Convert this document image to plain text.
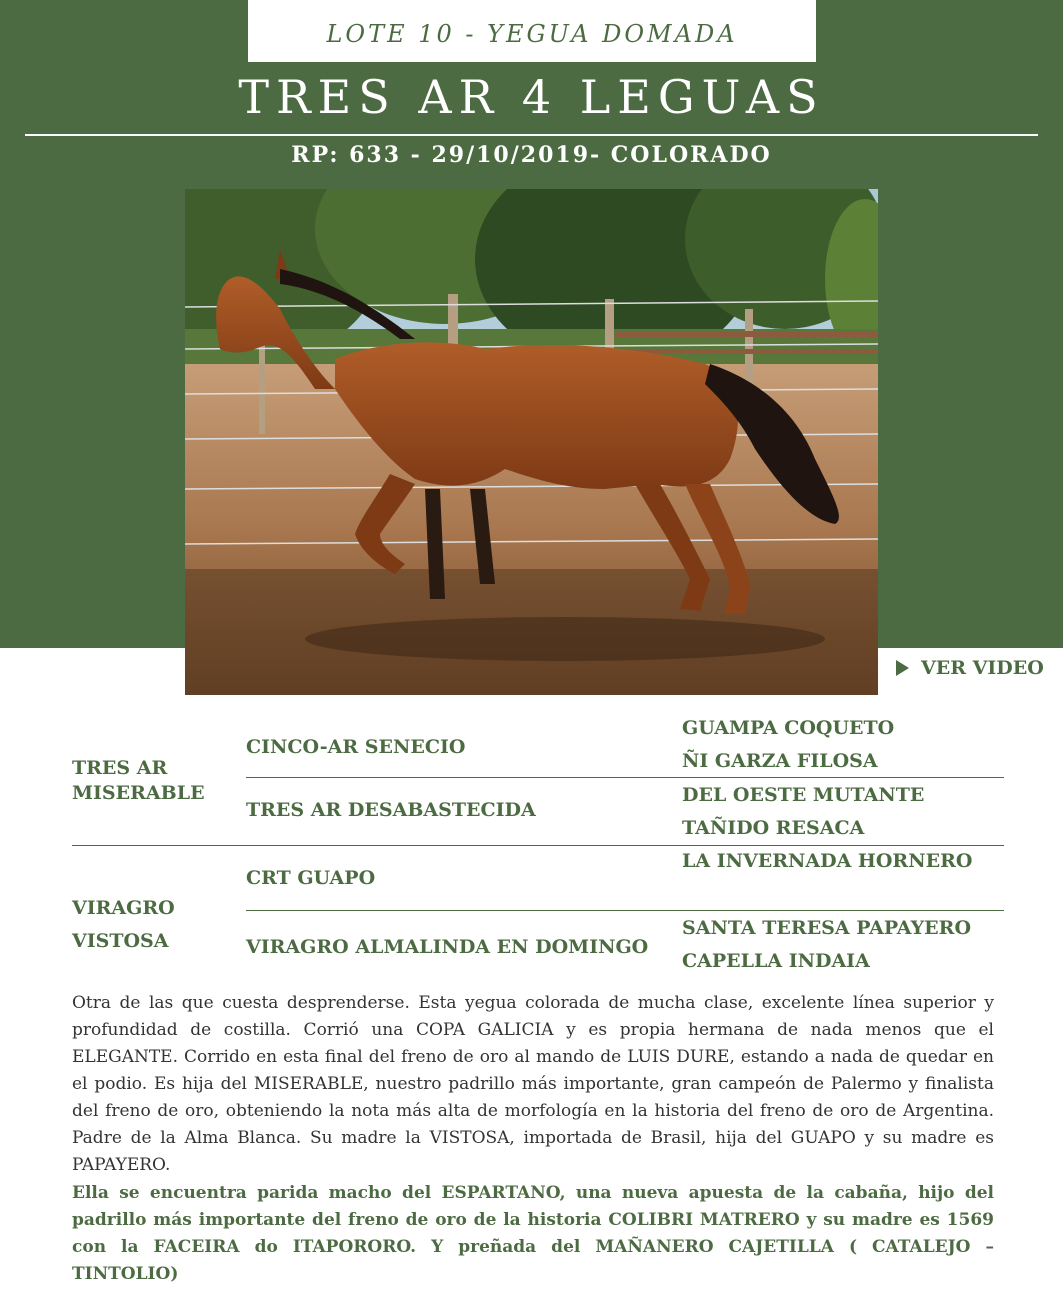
LOTE 10 - YEGUA DOMADA
TRES AR 4 LEGUAS
RP: 633 - 29/10/2019- COLORADO
VER VIDEO
TRES AR MISERABLE
VIRAGRO
VISTOSA
CINCO-AR SENECIO
TRES AR DESABASTECIDA
CRT GUAPO
VIRAGRO ALMALINDA EN DOMINGO
GUAMPA COQUETO
ÑI GARZA FILOSA
DEL OESTE MUTANTE
TAÑIDO RESACA
LA INVERNADA HORNERO
SANTA TERESA PAPAYERO
CAPELLA INDAIA
Otra de las que cuesta desprenderse. Esta yegua colorada de mucha clase, excelente línea superior y profundidad de costilla. Corrió una COPA GALICIA y es propia hermana de nada menos que el ELEGANTE. Corrido en esta final del freno de oro al mando de LUIS DURE, estando a nada de quedar en el podio. Es hija del MISERABLE, nuestro padrillo más importante, gran campeón de Palermo y finalista del freno de oro, obteniendo la nota más alta de morfología en la historia del freno de oro de Argentina. Padre de la Alma Blanca. Su madre la VISTOSA, importada de Brasil, hija del GUAPO y su madre es PAPAYERO.
Ella se encuentra parida macho del ESPARTANO, una nueva apuesta de la cabaña, hijo del padrillo más importante del freno de oro de la historia COLIBRI MATRERO y su madre es 1569 con la FACEIRA do ITAPORORO. Y preñada del MAÑANERO CAJETILLA ( CATALEJO – TINTOLIO)
